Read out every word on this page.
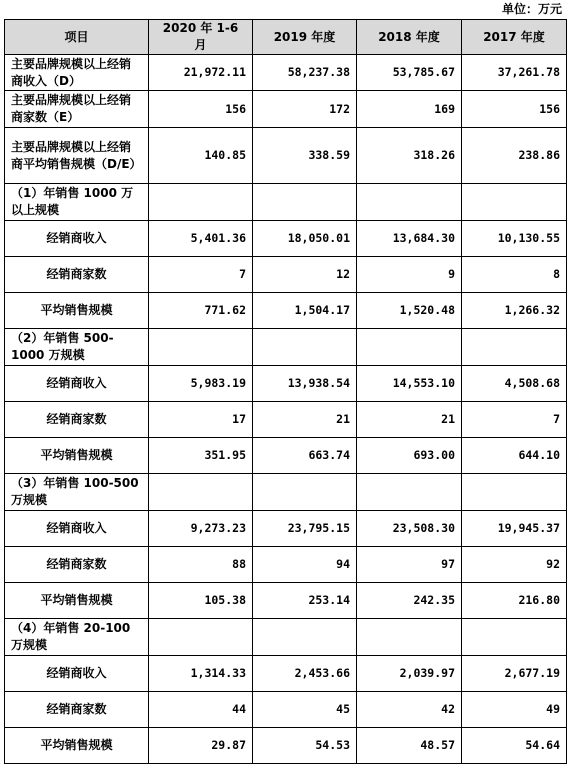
单位：万元
项目	2020 年 1-6 月	2019 年度	2018 年度	2017 年度
主要品牌规模以上经销商收入（D）	21,972.11	58,237.38	53,785.67	37,261.78
主要品牌规模以上经销商家数（E）	156	172	169	156
主要品牌规模以上经销商平均销售规模（D/E）	140.85	338.59	318.26	238.86
（1）年销售 1000 万以上规模				
经销商收入	5,401.36	18,050.01	13,684.30	10,130.55
经销商家数	7	12	9	8
平均销售规模	771.62	1,504.17	1,520.48	1,266.32
（2）年销售 500-1000 万规模				
经销商收入	5,983.19	13,938.54	14,553.10	4,508.68
经销商家数	17	21	21	7
平均销售规模	351.95	663.74	693.00	644.10
（3）年销售 100-500 万规模				
经销商收入	9,273.23	23,795.15	23,508.30	19,945.37
经销商家数	88	94	97	92
平均销售规模	105.38	253.14	242.35	216.80
（4）年销售 20-100 万规模				
经销商收入	1,314.33	2,453.66	2,039.97	2,677.19
经销商家数	44	45	42	49
平均销售规模	29.87	54.53	48.57	54.64
